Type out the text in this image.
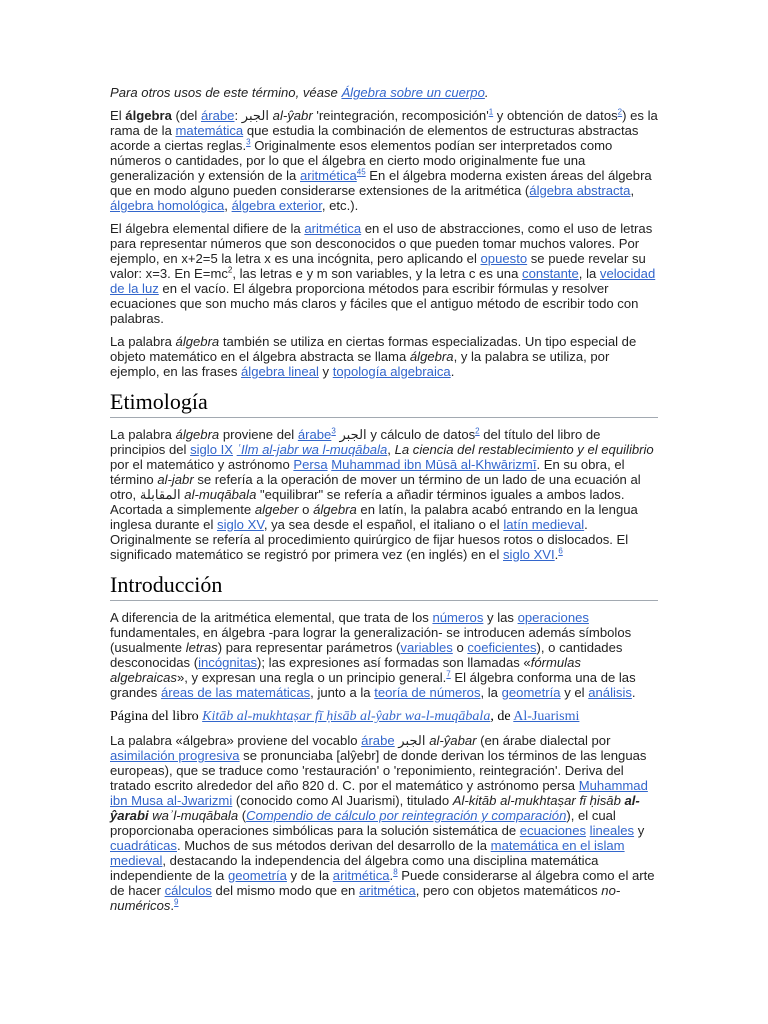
Para otros usos de este término, véase Álgebra sobre un cuerpo.

El álgebra (del árabe: الجبر al-ŷabr 'reintegración, recomposición'$^1$ y obtención de datos$^2$) es la rama de la matemática que estudia la combinación de elementos de estructuras abstractas acorde a ciertas reglas.$^3$ Originalmente esos elementos podían ser interpretados como números o cantidades, por lo que el álgebra en cierto modo originalmente fue una generalización y extensión de la aritmética$^{45}$ En el álgebra moderna existen áreas del álgebra que en modo alguno pueden considerarse extensiones de la aritmética (álgebra abstracta, álgebra homológica, álgebra exterior, etc.).

El álgebra elemental difiere de la aritmética en el uso de abstracciones, como el uso de letras para representar números que son desconocidos o que pueden tomar muchos valores. Por ejemplo, en x+2=5 la letra x es una incógnita, pero aplicando el opuesto se puede revelar su valor: x=3. En $E=mc^2$, las letras e y m son variables, y la letra c es una constante, la velocidad de la luz en el vacío. El álgebra proporciona métodos para escribir fórmulas y resolver ecuaciones que son mucho más claros y fáciles que el antiguo método de escribir todo con palabras.

La palabra álgebra también se utiliza en ciertas formas especializadas. Un tipo especial de objeto matemático en el álgebra abstracta se llama álgebra, y la palabra se utiliza, por ejemplo, en las frases álgebra lineal y topología algebraica.

Etimología

La palabra álgebra proviene del árabe$^3$ الجبر y cálculo de datos$^2$ del título del libro de principios del siglo IX ʿIlm al-jabr wa l-muqābala, La ciencia del restablecimiento y el equilibrio por el matemático y astrónomo Persa Muhammad ibn Mūsā al-Khwārizmī. En su obra, el término al-jabr se refería a la operación de mover un término de un lado de una ecuación al otro, المقابلة al-muqābala "equilibrar" se refería a añadir términos iguales a ambos lados. Acortada a simplemente algeber o álgebra en latín, la palabra acabó entrando en la lengua inglesa durante el siglo XV, ya sea desde el español, el italiano o el latín medieval. Originalmente se refería al procedimiento quirúrgico de fijar huesos rotos o dislocados. El significado matemático se registró por primera vez (en inglés) en el siglo XVI.$^6$

Introducción

A diferencia de la aritmética elemental, que trata de los números y las operaciones fundamentales, en álgebra -para lograr la generalización- se introducen además símbolos (usualmente letras) para representar parámetros (variables o coeficientes), o cantidades desconocidas (incógnitas); las expresiones así formadas son llamadas «fórmulas algebraicas», y expresan una regla o un principio general.$^7$ El álgebra conforma una de las grandes áreas de las matemáticas, junto a la teoría de números, la geometría y el análisis.

Página del libro Kitāb al-mukhtaṣar fī ḥisāb al-ŷabr wa-l-muqābala, de Al-Juarismi

La palabra «álgebra» proviene del vocablo árabe الجبر al-ŷabar (en árabe dialectal por asimilación progresiva se pronunciaba [alŷebr] de donde derivan los términos de las lenguas europeas), que se traduce como 'restauración' o 'reponimiento, reintegración'. Deriva del tratado escrito alrededor del año 820 d. C. por el matemático y astrónomo persa Muhammad ibn Musa al-Jwarizmi (conocido como Al Juarismi), titulado Al-kitāb al-mukhtaṣar fī ḥisāb al-ŷarabi waʾl-muqābala (Compendio de cálculo por reintegración y comparación), el cual proporcionaba operaciones simbólicas para la solución sistemática de ecuaciones lineales y cuadráticas. Muchos de sus métodos derivan del desarrollo de la matemática en el islam medieval, destacando la independencia del álgebra como una disciplina matemática independiente de la geometría y de la aritmética.$^8$ Puede considerarse al álgebra como el arte de hacer cálculos del mismo modo que en aritmética, pero con objetos matemáticos no-numéricos.$^9$
